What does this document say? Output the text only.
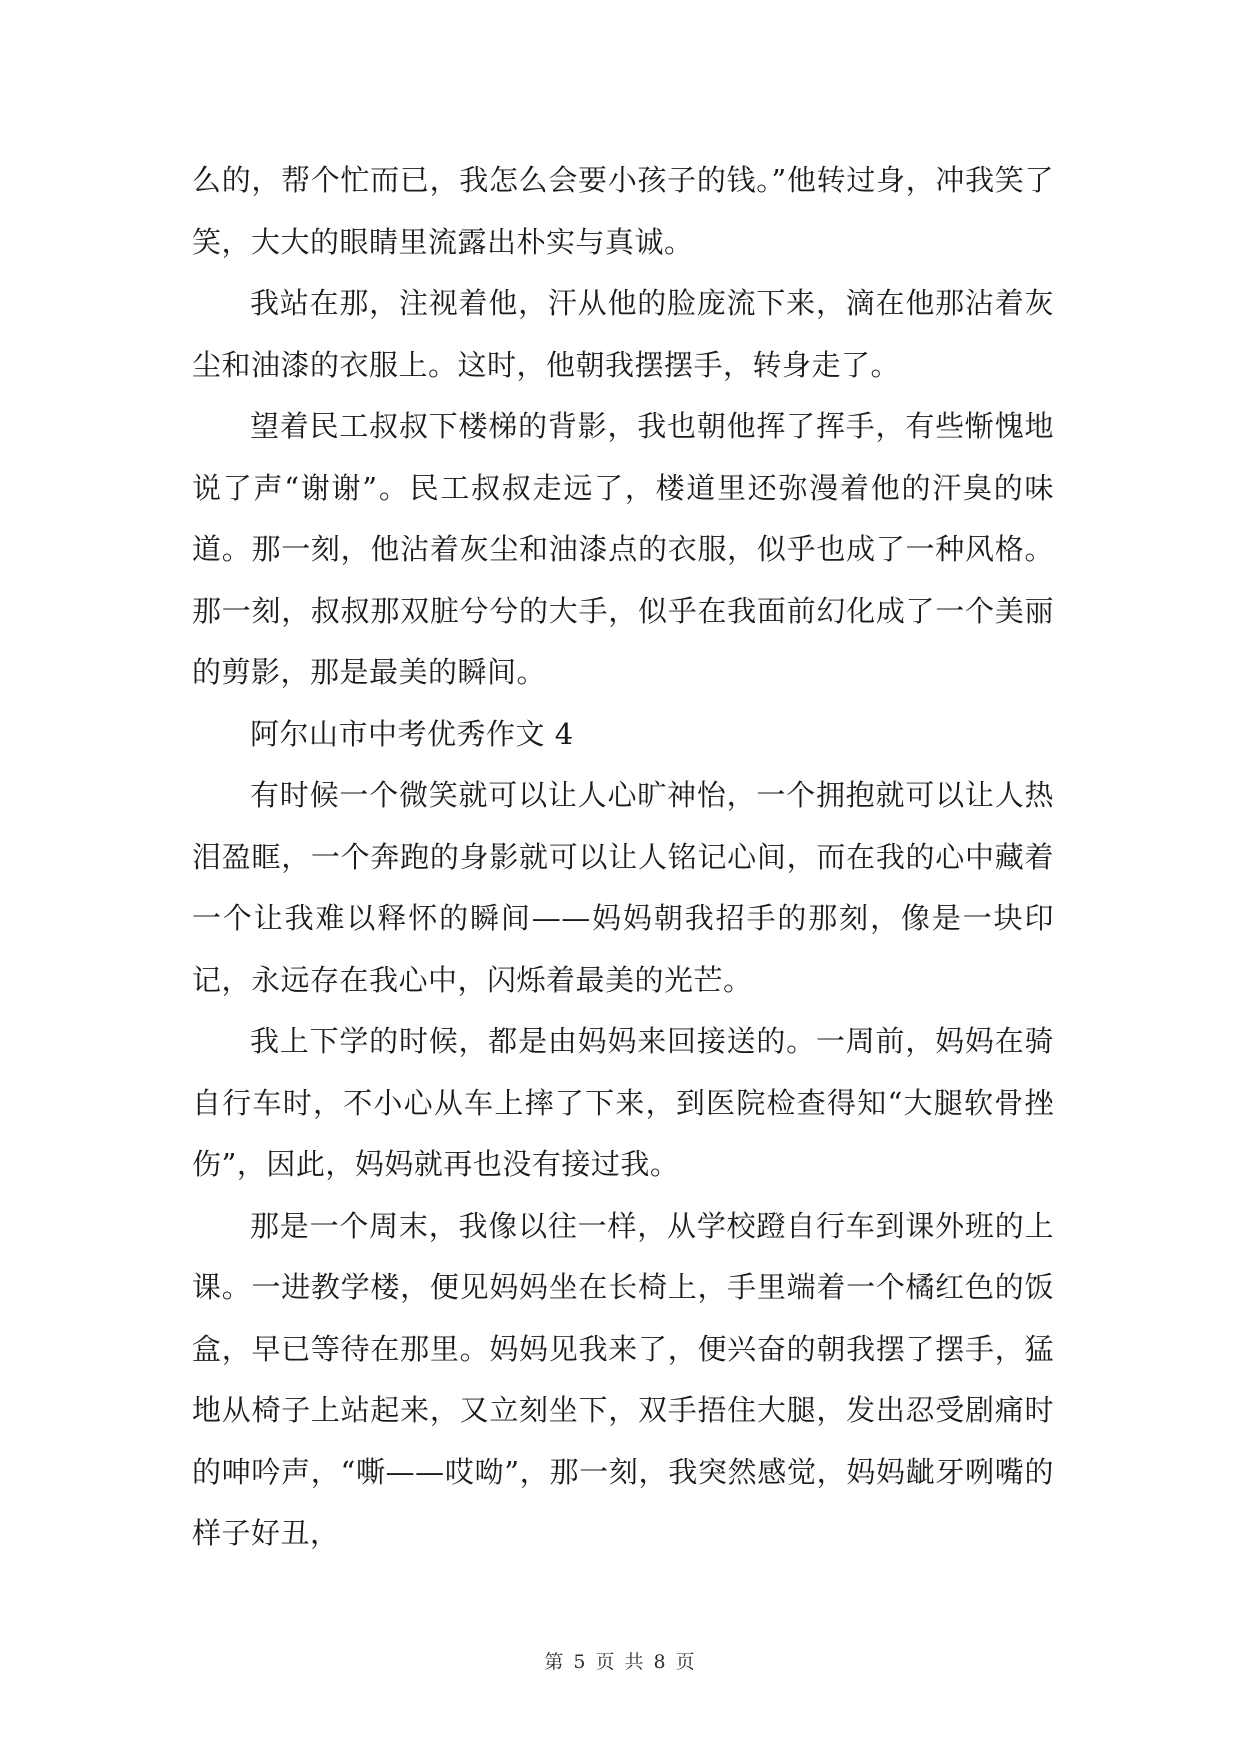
么的，帮个忙而已，我怎么会要小孩子的钱。”他转过身，冲我笑了笑，大大的眼睛里流露出朴实与真诚。

我站在那，注视着他，汗从他的脸庞流下来，滴在他那沾着灰尘和油漆的衣服上。这时，他朝我摆摆手，转身走了。

望着民工叔叔下楼梯的背影，我也朝他挥了挥手，有些惭愧地说了声“谢谢”。民工叔叔走远了，楼道里还弥漫着他的汗臭的味道。那一刻，他沾着灰尘和油漆点的衣服，似乎也成了一种风格。那一刻，叔叔那双脏兮兮的大手，似乎在我面前幻化成了一个美丽的剪影，那是最美的瞬间。

阿尔山市中考优秀作文 4

有时候一个微笑就可以让人心旷神怡，一个拥抱就可以让人热泪盈眶，一个奔跑的身影就可以让人铭记心间，而在我的心中藏着一个让我难以释怀的瞬间——妈妈朝我招手的那刻，像是一块印记，永远存在我心中，闪烁着最美的光芒。

我上下学的时候，都是由妈妈来回接送的。一周前，妈妈在骑自行车时，不小心从车上摔了下来，到医院检查得知“大腿软骨挫伤”，因此，妈妈就再也没有接过我。

那是一个周末，我像以往一样，从学校蹬自行车到课外班的上课。一进教学楼，便见妈妈坐在长椅上，手里端着一个橘红色的饭盒，早已等待在那里。妈妈见我来了，便兴奋的朝我摆了摆手，猛地从椅子上站起来，又立刻坐下，双手捂住大腿，发出忍受剧痛时的呻吟声，“嘶——哎呦”，那一刻，我突然感觉，妈妈龇牙咧嘴的样子好丑，

第 5 页 共 8 页
